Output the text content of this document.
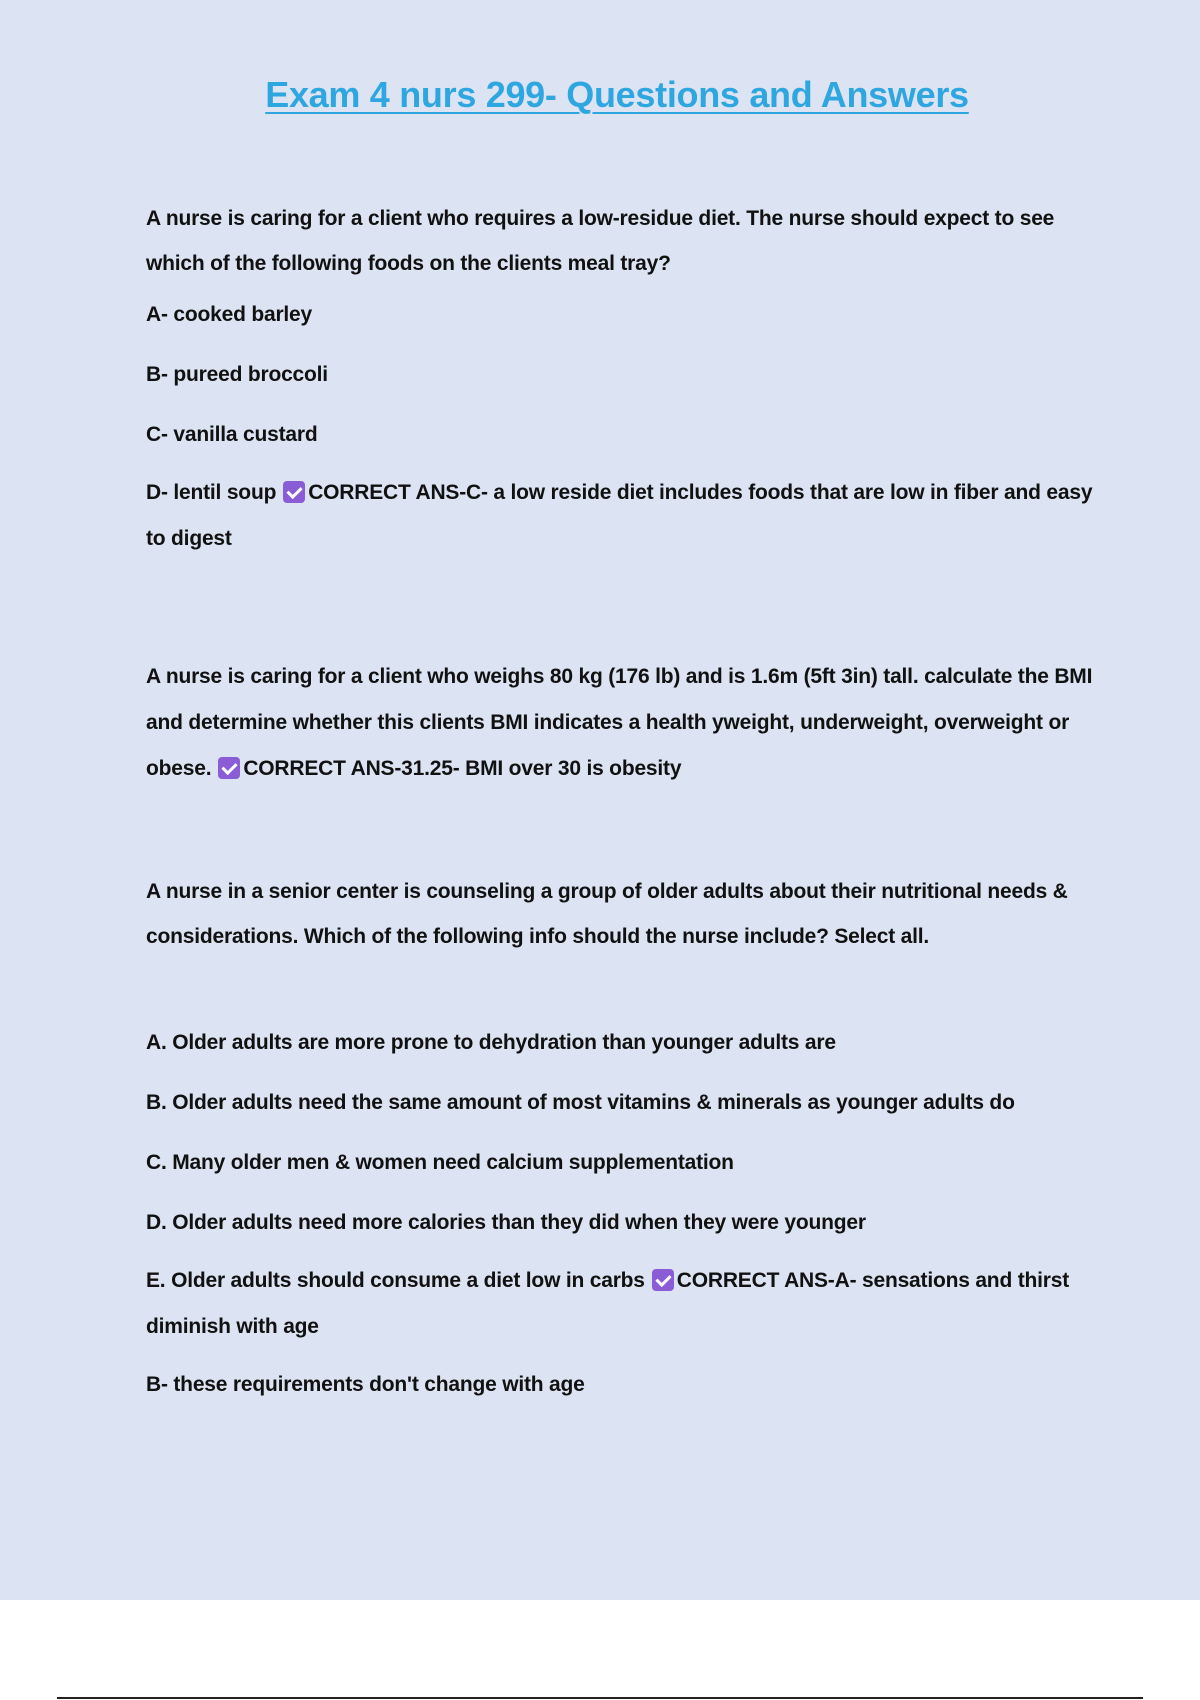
Exam 4 nurs 299- Questions and Answers

A nurse is caring for a client who requires a low-residue diet. The nurse should expect to see which of the following foods on the clients meal tray?

A- cooked barley

B- pureed broccoli

C- vanilla custard

D- lentil soup CORRECT ANS-C- a low reside diet includes foods that are low in fiber and easy to digest

A nurse is caring for a client who weighs 80 kg (176 lb) and is 1.6m (5ft 3in) tall. calculate the BMI and determine whether this clients BMI indicates a health yweight, underweight, overweight or obese. CORRECT ANS-31.25- BMI over 30 is obesity

A nurse in a senior center is counseling a group of older adults about their nutritional needs & considerations. Which of the following info should the nurse include? Select all.

A. Older adults are more prone to dehydration than younger adults are

B. Older adults need the same amount of most vitamins & minerals as younger adults do

C. Many older men & women need calcium supplementation

D. Older adults need more calories than they did when they were younger

E. Older adults should consume a diet low in carbs CORRECT ANS-A- sensations and thirst diminish with age

B- these requirements don't change with age
